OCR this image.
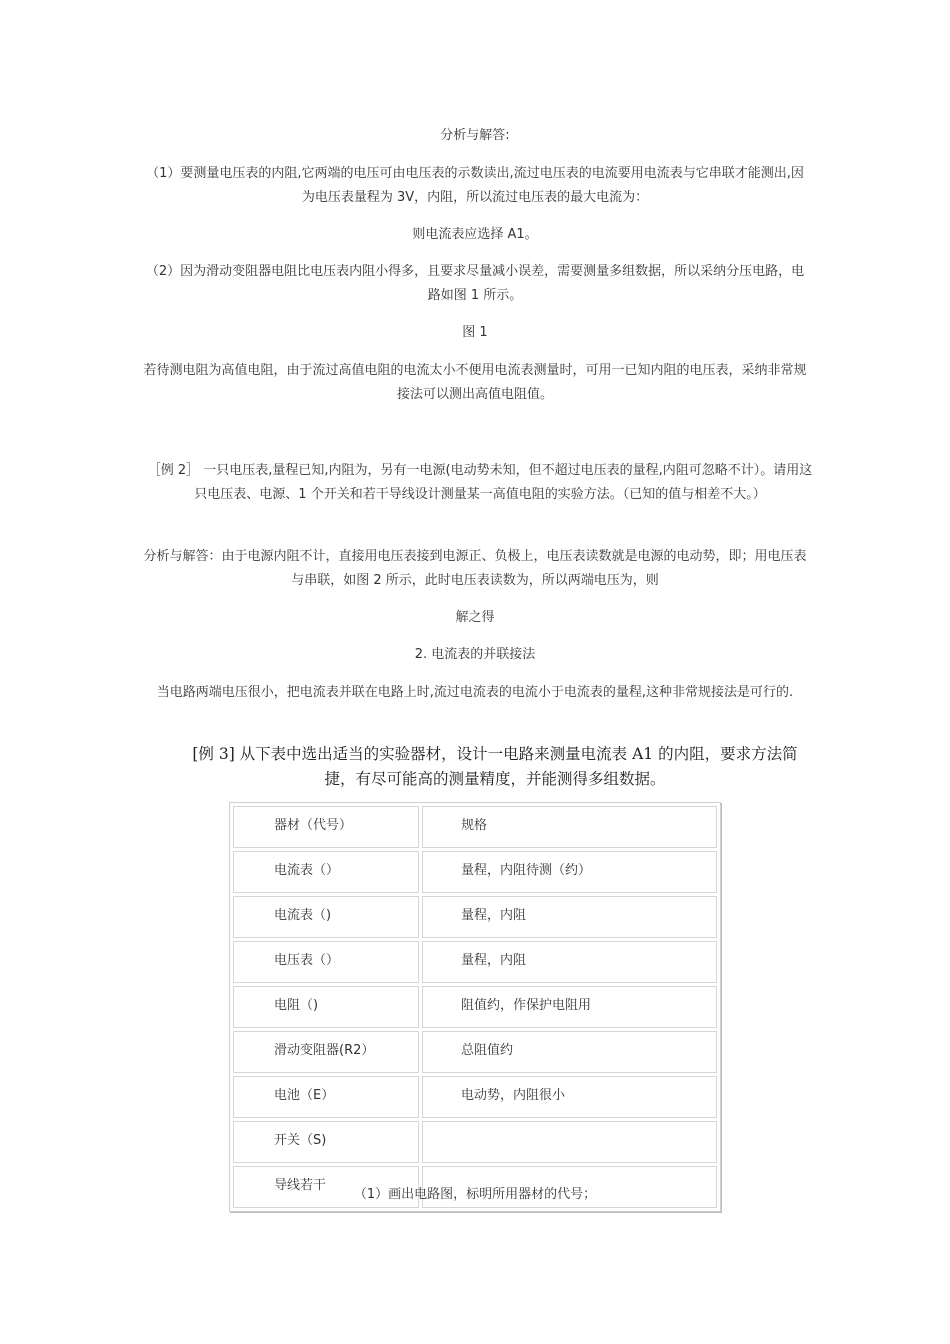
分析与解答:

（1）要测量电压表的内阻,它两端的电压可由电压表的示数读出,流过电压表的电流要用电流表与它串联才能测出,因为电压表量程为 3V，内阻，所以流过电压表的最大电流为：

则电流表应选择 A1。

（2）因为滑动变阻器电阻比电压表内阻小得多，且要求尽量减小误差，需要测量多组数据，所以采纳分压电路，电路如图 1 所示。

图 1

若待测电阻为高值电阻，由于流过高值电阻的电流太小不便用电流表测量时，可用一已知内阻的电压表，采纳非常规接法可以测出高值电阻值。

［例 2］ 一只电压表,量程已知,内阻为，另有一电源(电动势未知，但不超过电压表的量程,内阻可忽略不计）。请用这只电压表、电源、1 个开关和若干导线设计测量某一高值电阻的实验方法。（已知的值与相差不大。）

分析与解答：由于电源内阻不计，直接用电压表接到电源正、负极上，电压表读数就是电源的电动势，即；用电压表与串联，如图 2 所示，此时电压表读数为，所以两端电压为，则

解之得

2. 电流表的并联接法

当电路两端电压很小，把电流表并联在电路上时,流过电流表的电流小于电流表的量程,这种非常规接法是可行的.

[例 3] 从下表中选出适当的实验器材，设计一电路来测量电流表 A1 的内阻，要求方法简捷，有尽可能高的测量精度，并能测得多组数据。

器材（代号）	规格
电流表（）	量程，内阻待测（约）
电流表（)	量程，内阻
电压表（）	量程，内阻
电阻（)	阻值约，作保护电阻用
滑动变阻器(R2）	总阻值约
电池（E）	电动势，内阻很小
开关（S)	
导线若干	

（1）画出电路图，标明所用器材的代号；
